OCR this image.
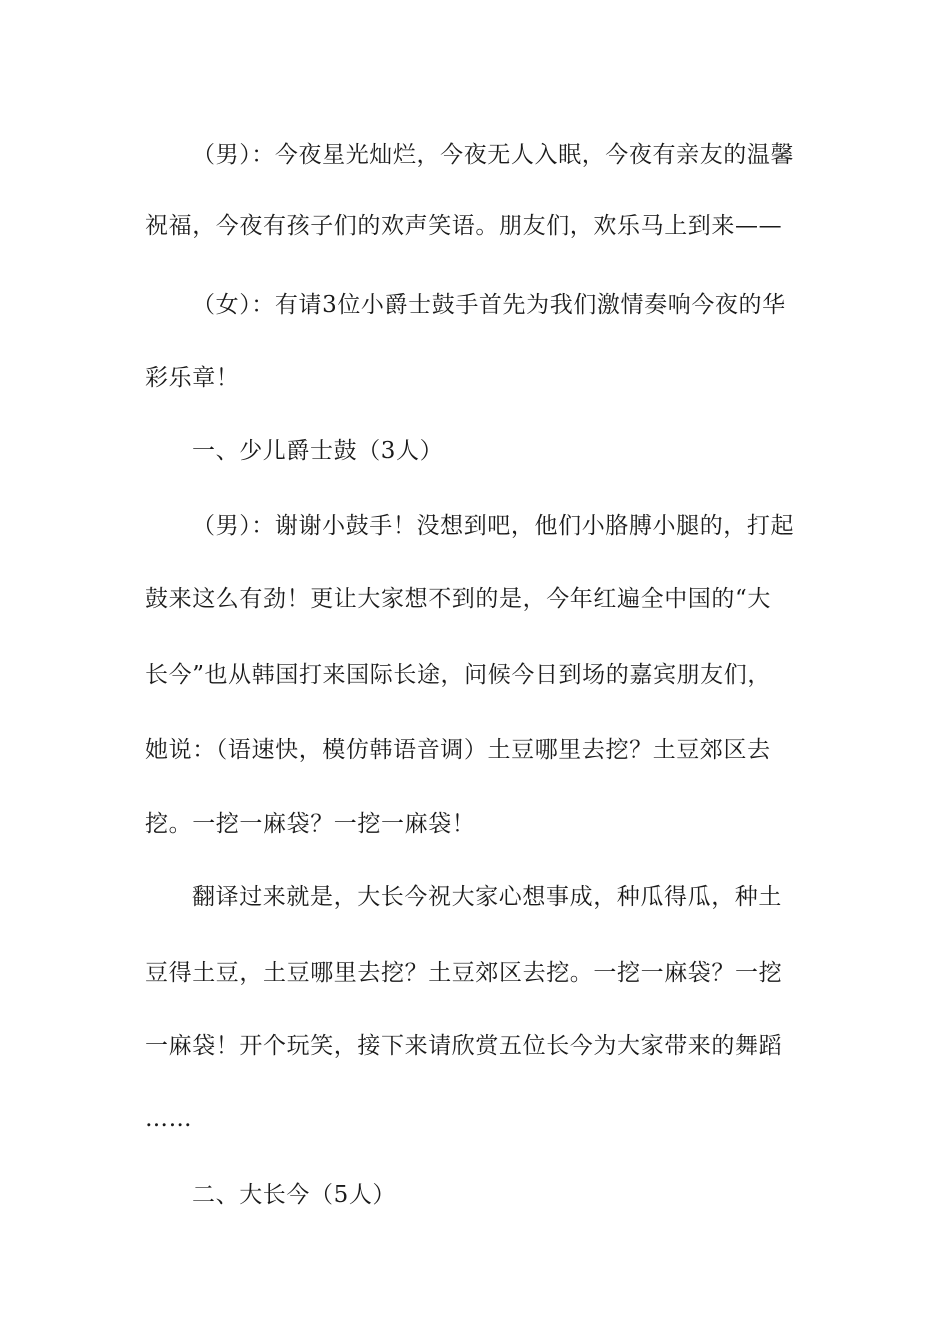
（男）：今夜星光灿烂，今夜无人入眠，今夜有亲友的温馨

祝福，今夜有孩子们的欢声笑语。朋友们，欢乐马上到来——

（女）：有请3位小爵士鼓手首先为我们激情奏响今夜的华

彩乐章！

一、少儿爵士鼓（3人）

（男）：谢谢小鼓手！没想到吧，他们小胳膊小腿的，打起

鼓来这么有劲！更让大家想不到的是，今年红遍全中国的“大

长今”也从韩国打来国际长途，问候今日到场的嘉宾朋友们，

她说：（语速快，模仿韩语音调）土豆哪里去挖？土豆郊区去

挖。一挖一麻袋？一挖一麻袋！

翻译过来就是，大长今祝大家心想事成，种瓜得瓜，种土

豆得土豆，土豆哪里去挖？土豆郊区去挖。一挖一麻袋？一挖

一麻袋！开个玩笑，接下来请欣赏五位长今为大家带来的舞蹈

……

二、大长今（5人）
